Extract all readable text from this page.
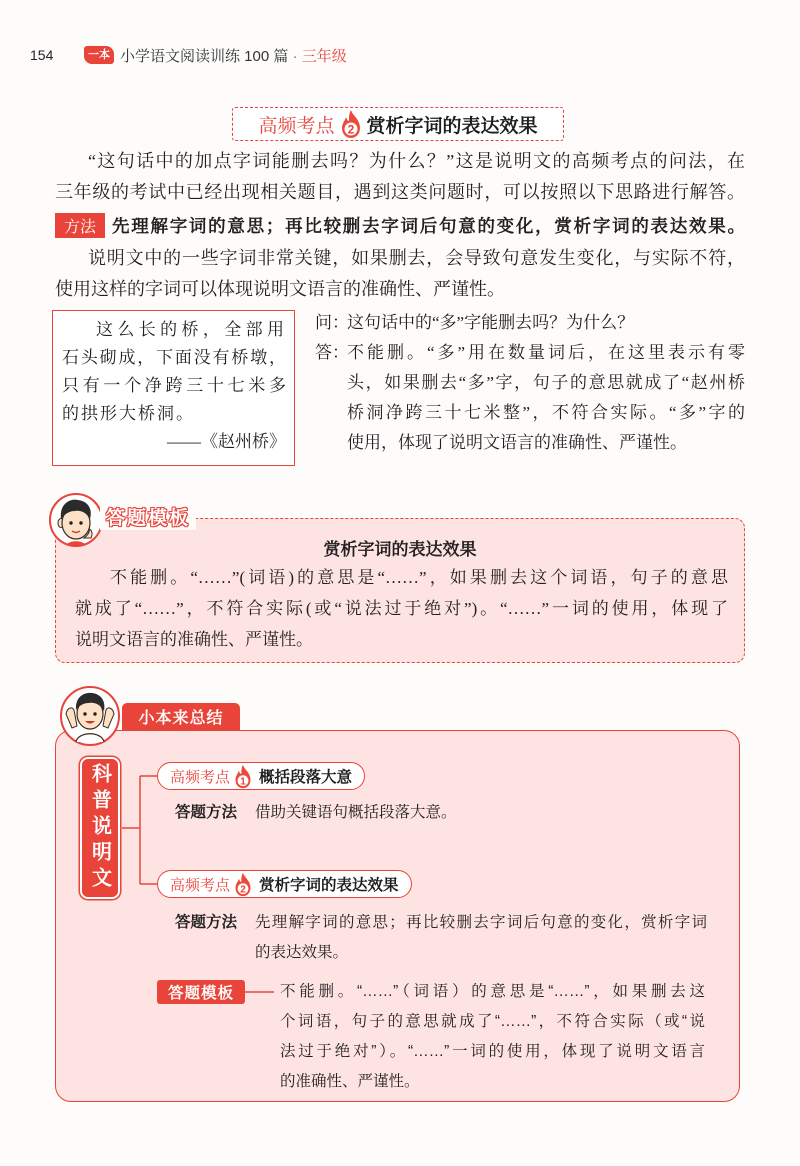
154	一本 小学语文阅读训练 100 篇 · 三年级
高频考点 2 赏析字词的表达效果
“这句话中的加点字词能删去吗？为什么？”这是说明文的高频考点的问法，在
三年级的考试中已经出现相关题目，遇到这类问题时，可以按照以下思路进行解答。
方法 先理解字词的意思；再比较删去字词后句意的变化，赏析字词的表达效果。
说明文中的一些字词非常关键，如果删去，会导致句意发生变化，与实际不符，
使用这样的字词可以体现说明文语言的准确性、严谨性。
这么长的桥，全部用
石头砌成，下面没有桥墩，
只有一个净跨三十七米多
的拱形大桥洞。
——《赵州桥》
问：
这句话中的“多”字能删去吗？为什么？
答：
不能删。“多”用在数量词后，在这里表示有零
头，如果删去“多”字，句子的意思就成了“赵州桥
桥洞净跨三十七米整”，不符合实际。“多”字的
使用，体现了说明文语言的准确性、严谨性。
答题模板
赏析字词的表达效果
不能删。“……”(词语)的意思是“……”，如果删去这个词语，句子的意思
就成了“……”，不符合实际(或“说法过于绝对”)。“……”一词的使用，体现了
说明文语言的准确性、严谨性。
小本来总结
科普说明文	高频考点 1 概括段落大意
答题方法 借助关键语句概括段落大意。
高频考点 2 赏析字词的表达效果
答题方法 先理解字词的意思；再比较删去字词后句意的变化，赏析字词
的表达效果。
答题模板	不能删。“……”（词语）的意思是“……”，如果删去这
个词语，句子的意思就成了“……”，不符合实际（或“说
法过于绝对”）。“……”一词的使用，体现了说明文语言
的准确性、严谨性。
